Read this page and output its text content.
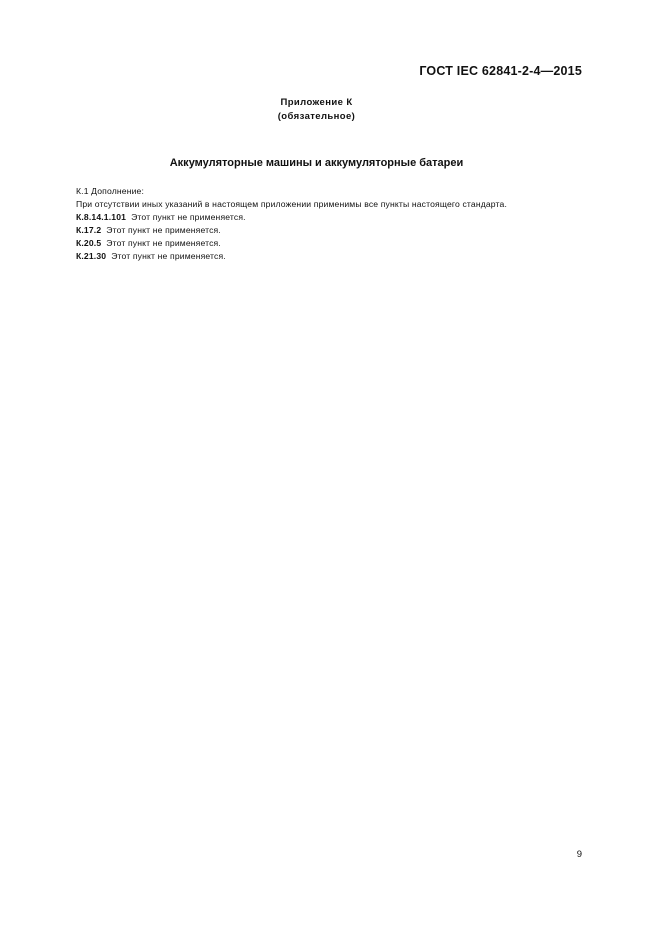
ГОСТ IEC 62841-2-4—2015
Приложение К
(обязательное)
Аккумуляторные машины и аккумуляторные батареи

К.1 Дополнение:

При отсутствии иных указаний в настоящем приложении применимы все пункты настоящего стандарта.

К.8.14.1.101 Этот пункт не применяется.

К.17.2 Этот пункт не применяется.

К.20.5 Этот пункт не применяется.

К.21.30 Этот пункт не применяется.

9
